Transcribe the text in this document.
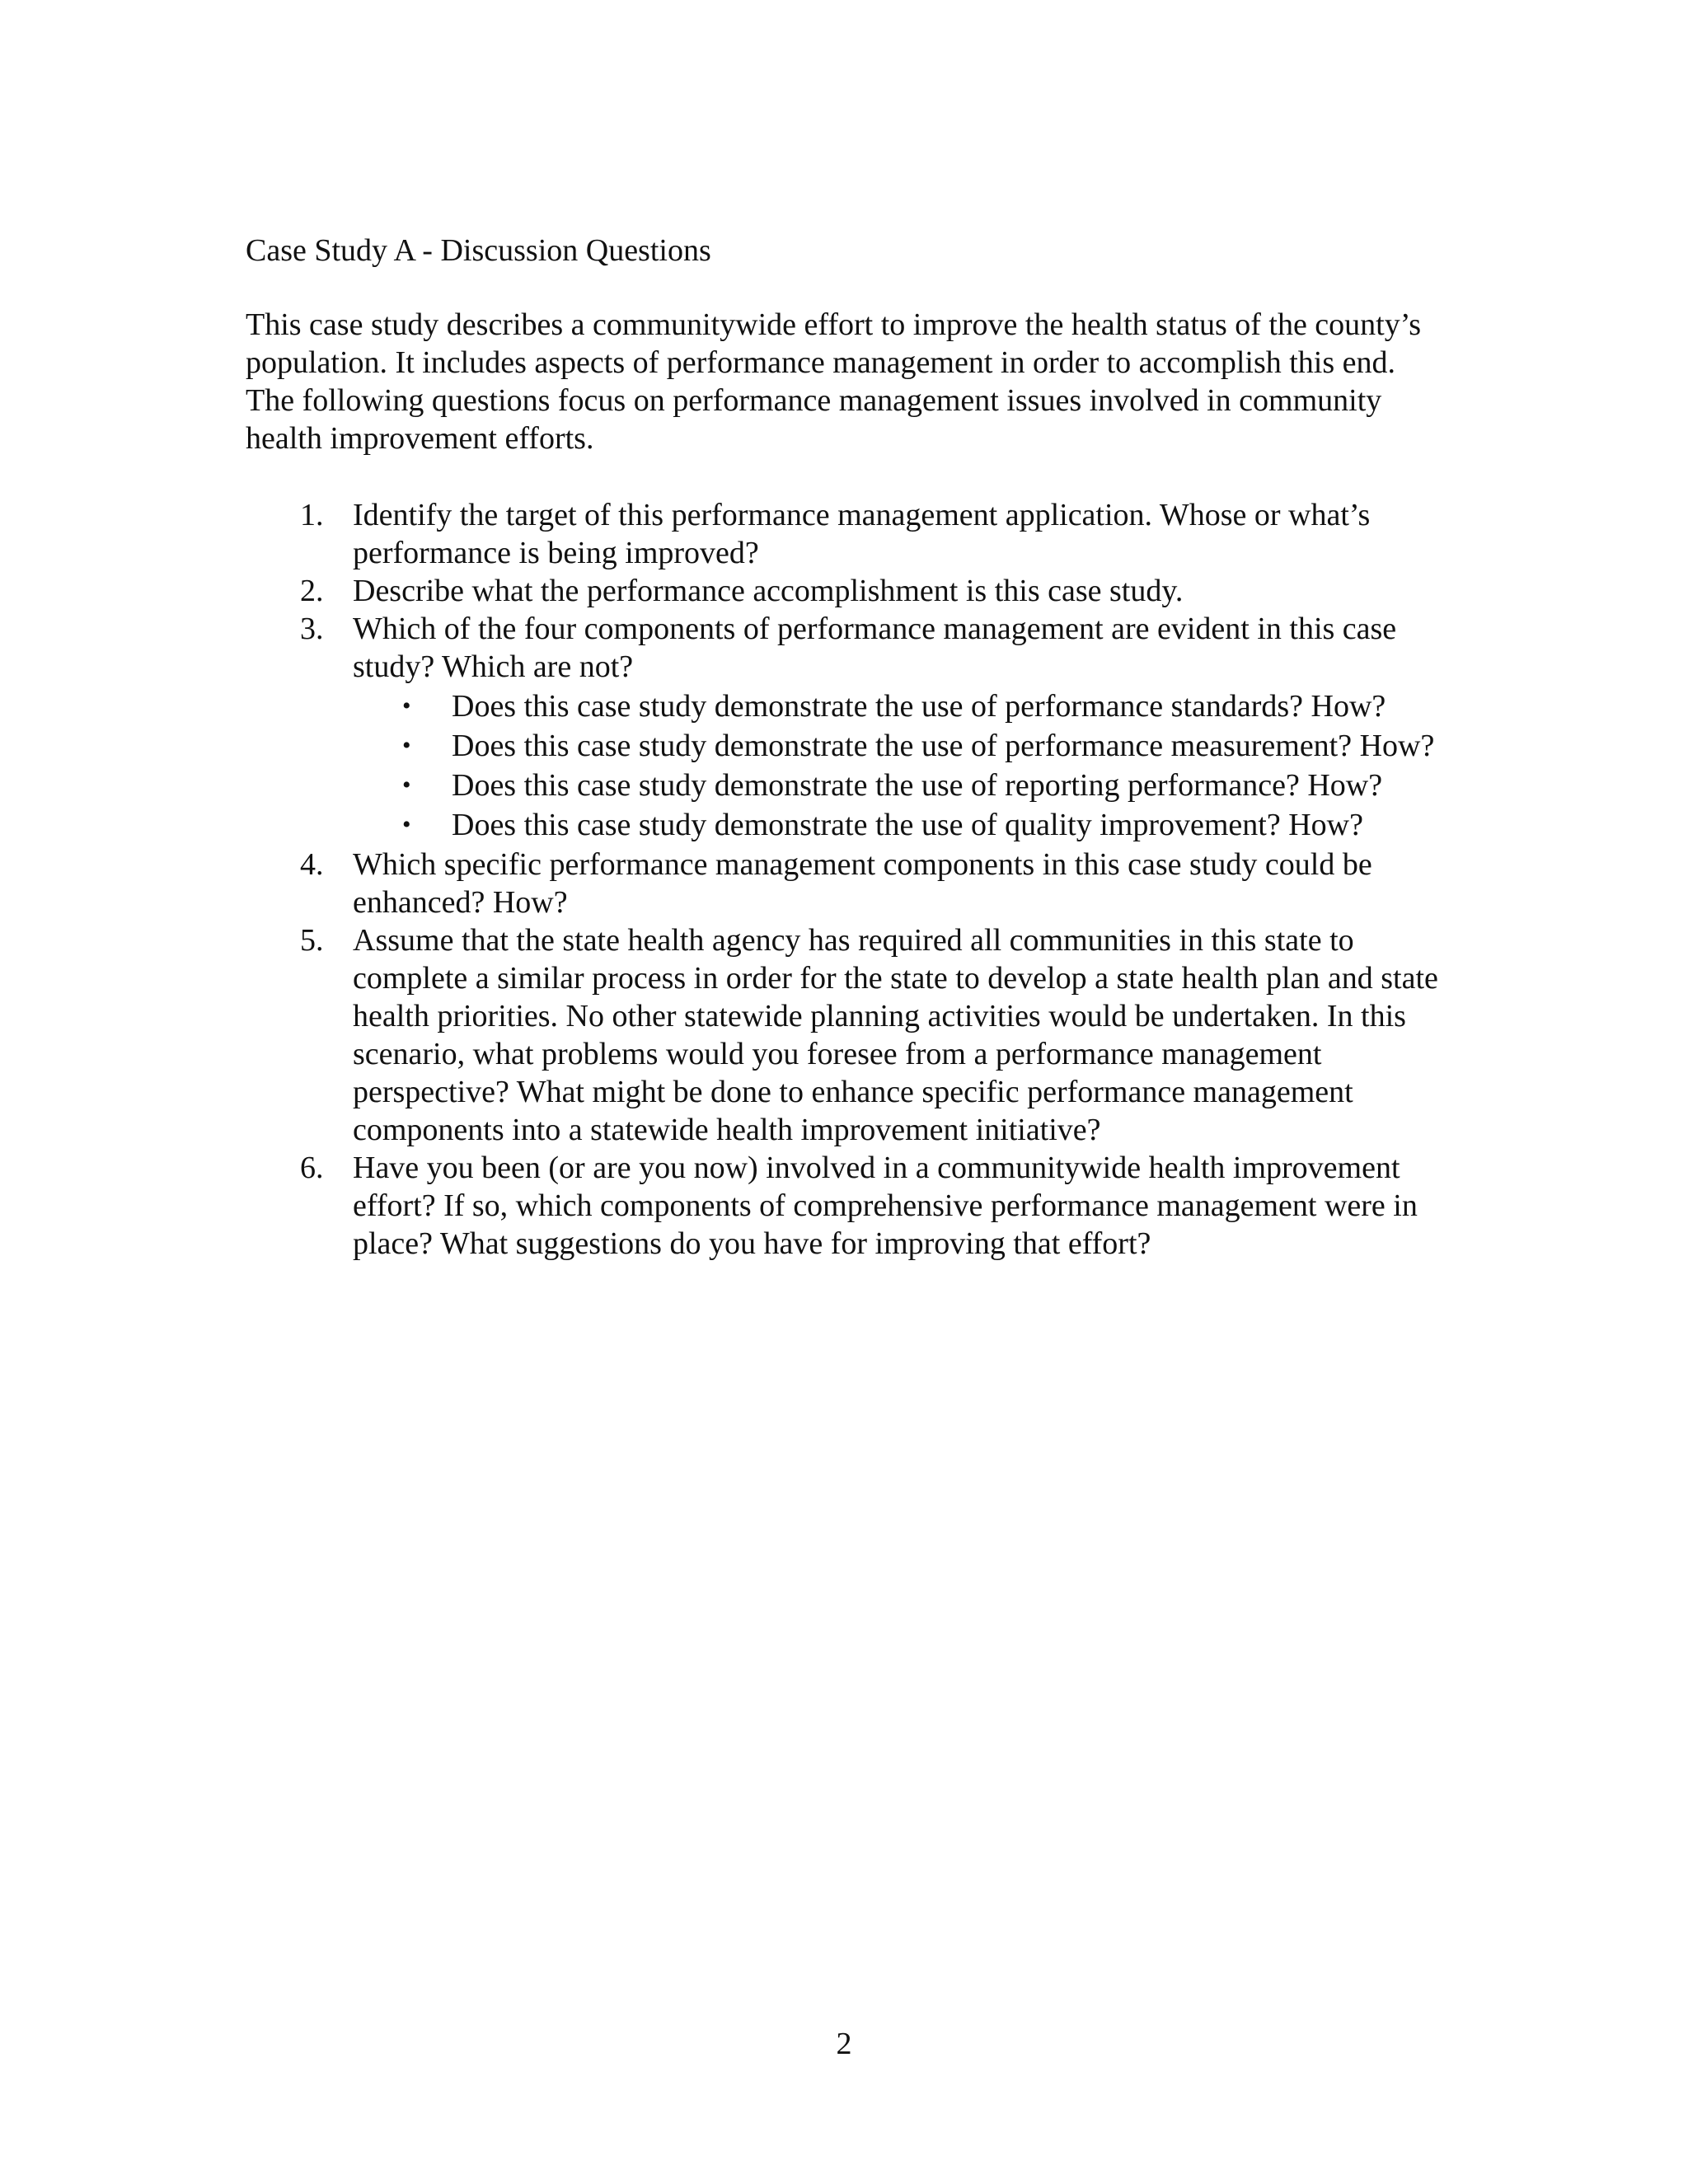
Case Study A - Discussion Questions

This case study describes a communitywide effort to improve the health status of the county’s population. It includes aspects of performance management in order to accomplish this end. The following questions focus on performance management issues involved in community health improvement efforts.

1. Identify the target of this performance management application. Whose or what’s performance is being improved?
2. Describe what the performance accomplishment is this case study.
3. Which of the four components of performance management are evident in this case study? Which are not?
• Does this case study demonstrate the use of performance standards? How?
• Does this case study demonstrate the use of performance measurement? How?
• Does this case study demonstrate the use of reporting performance? How?
• Does this case study demonstrate the use of quality improvement? How?
4. Which specific performance management components in this case study could be enhanced? How?
5. Assume that the state health agency has required all communities in this state to complete a similar process in order for the state to develop a state health plan and state health priorities. No other statewide planning activities would be undertaken. In this scenario, what problems would you foresee from a performance management perspective? What might be done to enhance specific performance management components into a statewide health improvement initiative?
6. Have you been (or are you now) involved in a communitywide health improvement effort? If so, which components of comprehensive performance management were in place? What suggestions do you have for improving that effort?
2
